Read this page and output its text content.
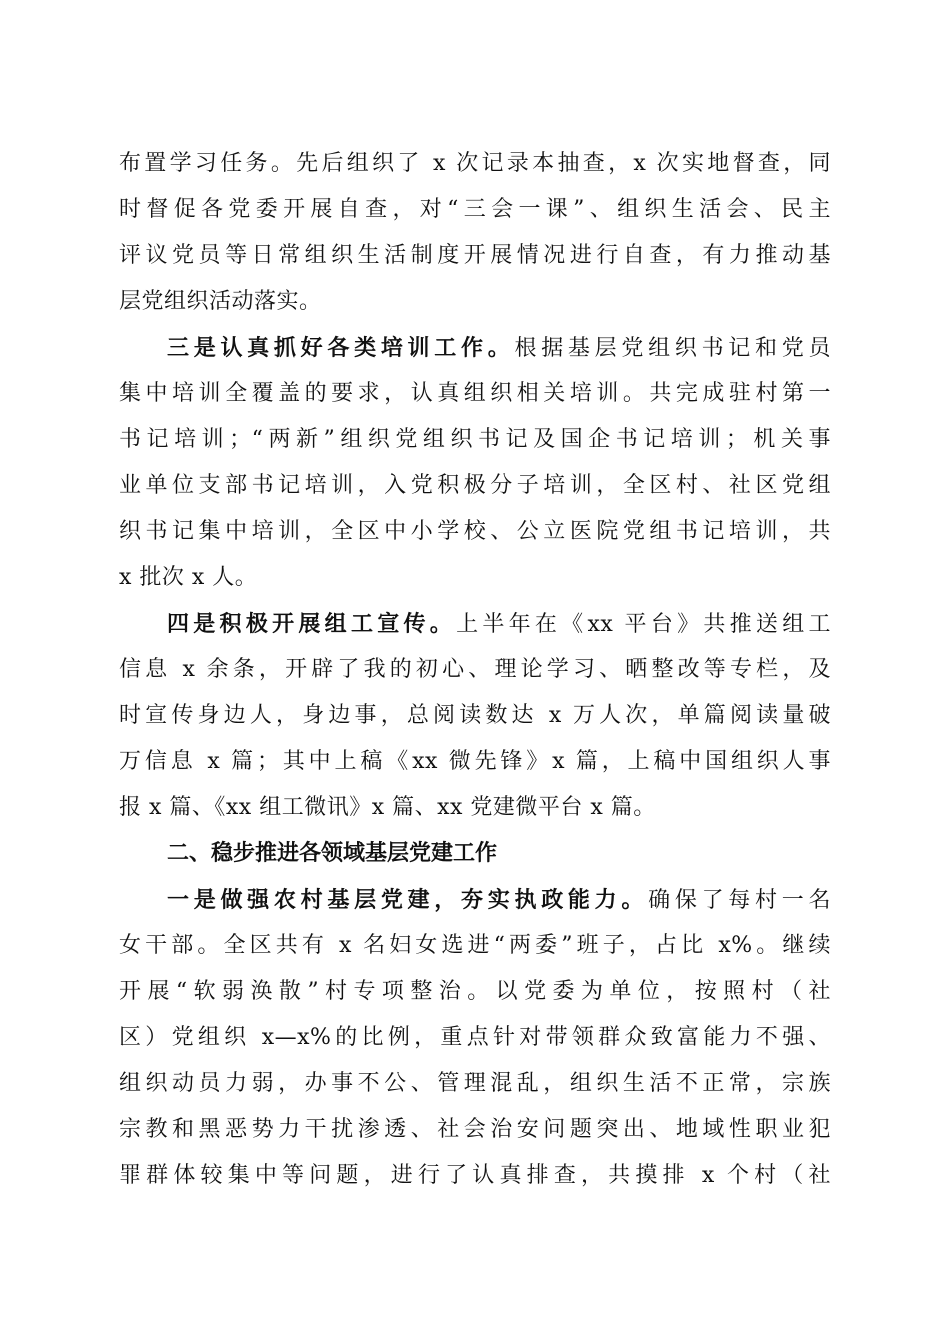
布置学习任务。先后组织了 x 次记录本抽查，x 次实地督查，同
时督促各党委开展自查，对“三会一课”、组织生活会、民主
评议党员等日常组织生活制度开展情况进行自查，有力推动基
层党组织活动落实。
三是认真抓好各类培训工作。根据基层党组织书记和党员
集中培训全覆盖的要求，认真组织相关培训。共完成驻村第一
书记培训；“两新”组织党组织书记及国企书记培训；机关事
业单位支部书记培训，入党积极分子培训，全区村、社区党组
织书记集中培训，全区中小学校、公立医院党组书记培训，共
x 批次 x 人。
四是积极开展组工宣传。上半年在《xx 平台》共推送组工
信息 x 余条，开辟了我的初心、理论学习、晒整改等专栏，及
时宣传身边人，身边事，总阅读数达 x 万人次，单篇阅读量破
万信息 x 篇；其中上稿《xx 微先锋》x 篇，上稿中国组织人事
报 x 篇、《xx 组工微讯》x 篇、xx 党建微平台 x 篇。
二、稳步推进各领域基层党建工作
一是做强农村基层党建，夯实执政能力。确保了每村一名
女干部。全区共有 x 名妇女选进“两委”班子，占比 x%。继续
开展“软弱涣散”村专项整治。以党委为单位，按照村（社
区）党组织 x—x%的比例，重点针对带领群众致富能力不强、
组织动员力弱，办事不公、管理混乱，组织生活不正常，宗族
宗教和黑恶势力干扰渗透、社会治安问题突出、地域性职业犯
罪群体较集中等问题，进行了认真排查，共摸排 x 个村（社
